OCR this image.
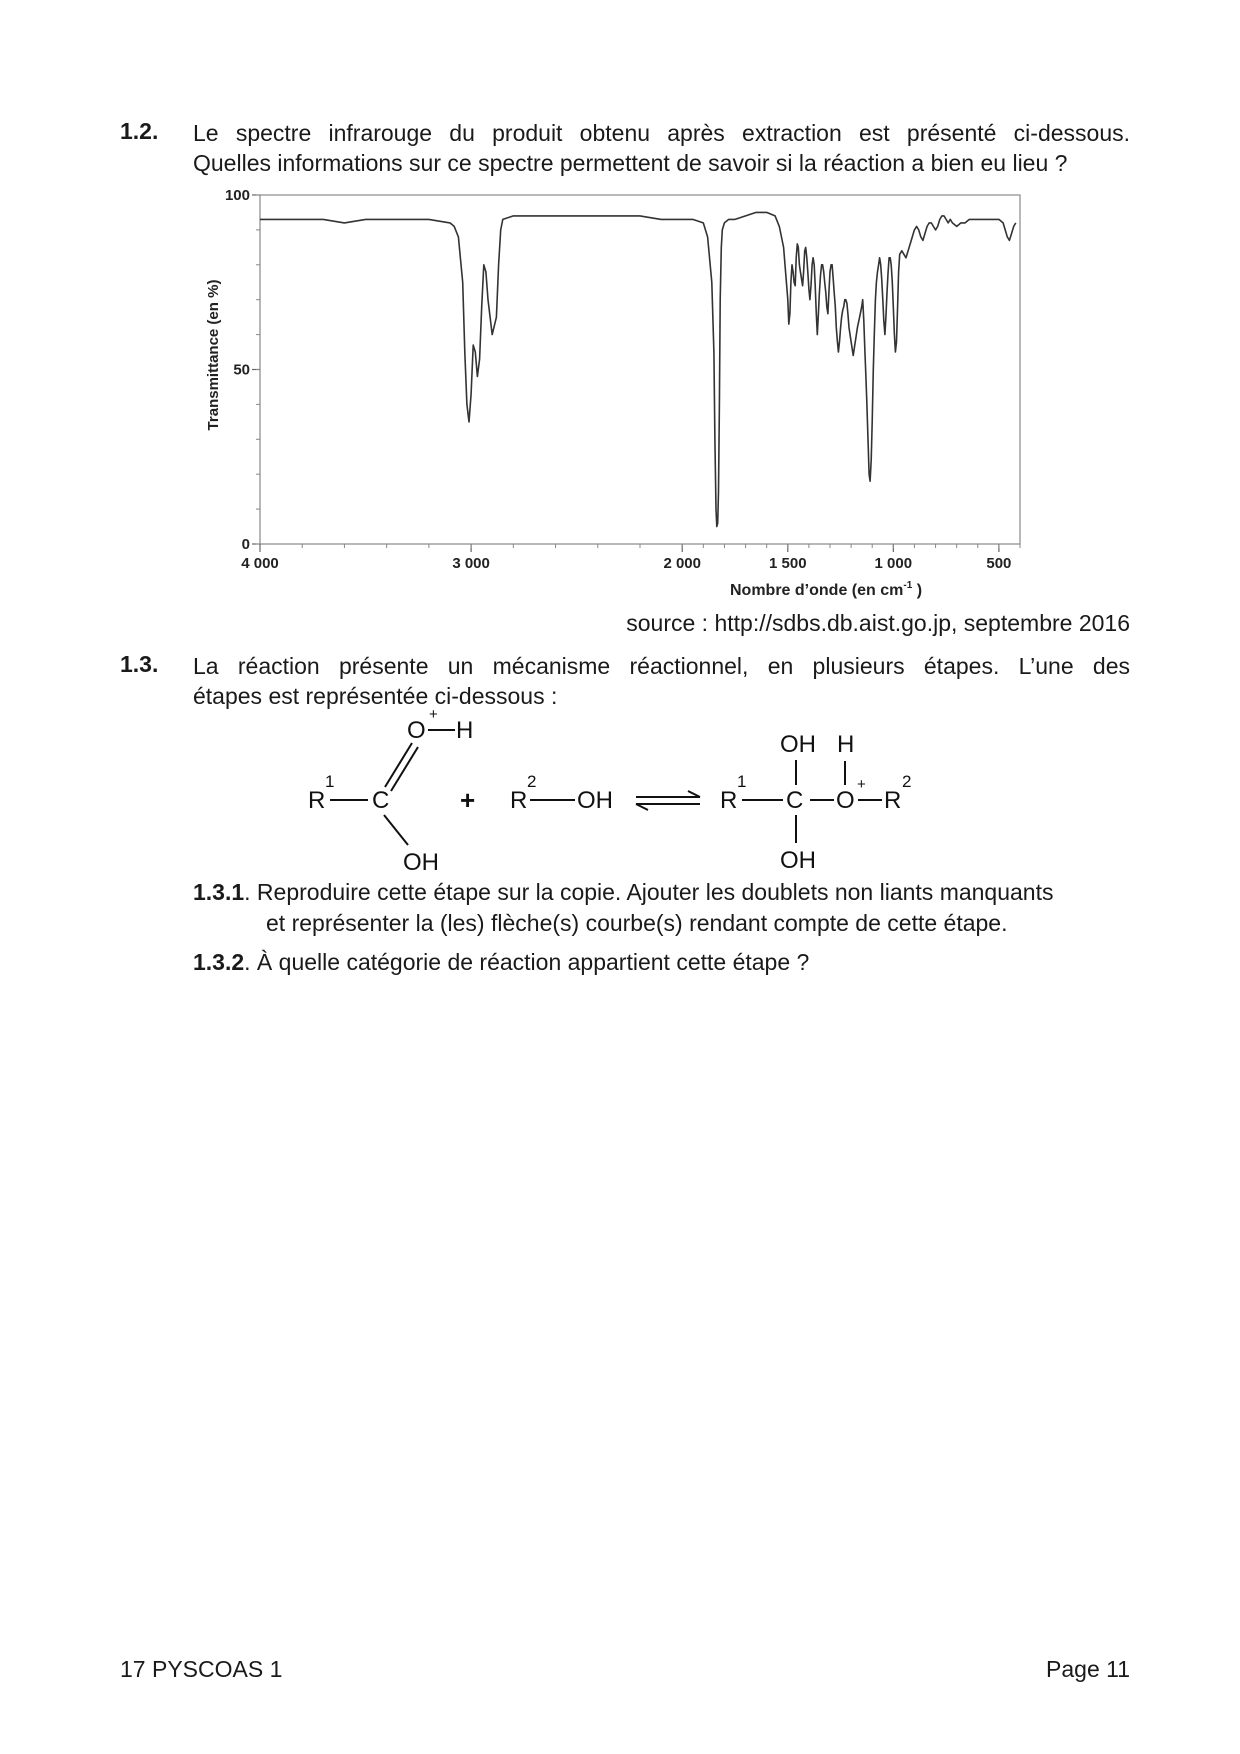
1.2. Le spectre infrarouge du produit obtenu après extraction est présenté ci-dessous.
Quelles informations sur ce spectre permettent de savoir si la réaction a bien eu lieu ?
0
50
100
4 000	3 000	2 000	1 500	1 000	500
Transmittance (en %)
Nombre d’onde (en $cm^{-1}$ )
source : http://sdbs.db.aist.go.jp, septembre 2016
1.3. La réaction présente un mécanisme réactionnel, en plusieurs étapes. L’une des
étapes est représentée ci-dessous :
R
1
C
O
+
H
OH
+ R
2
OH	R
1
C
OH
OH
O
+
H
R
2
1.3.1. Reproduire cette étape sur la copie. Ajouter les doublets non liants manquants
et représenter la (les) flèche(s) courbe(s) rendant compte de cette étape.
1.3.2. À quelle catégorie de réaction appartient cette étape ?
17 PYSCOAS 1	Page 11
